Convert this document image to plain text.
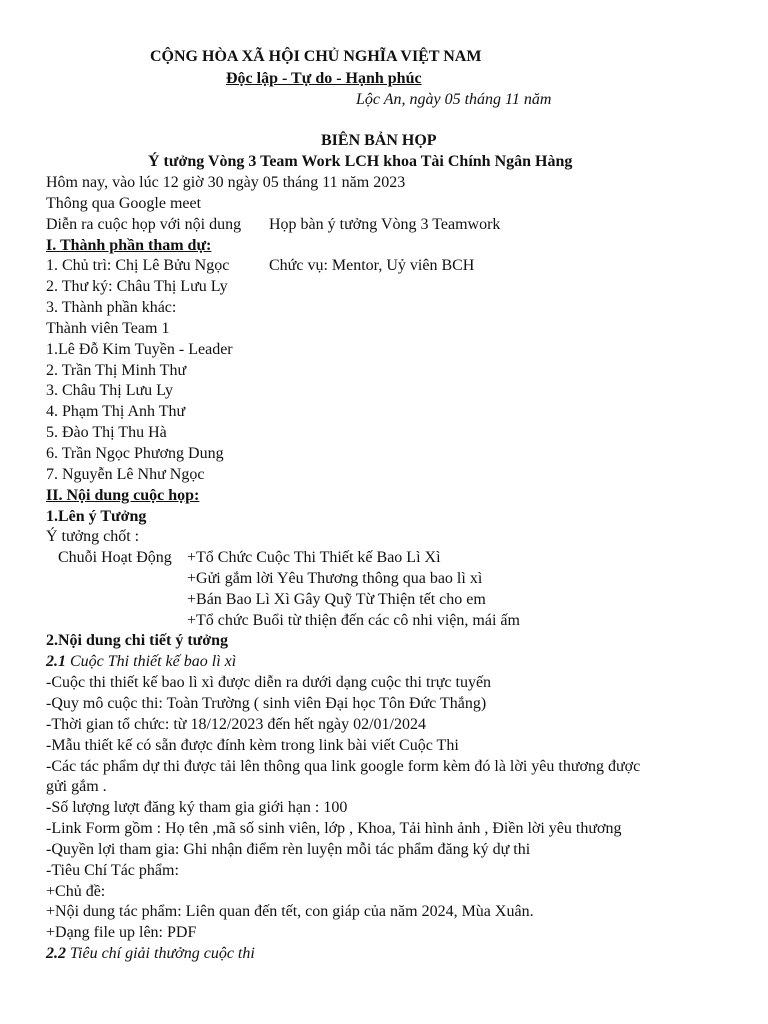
CỘNG HÒA XÃ HỘI CHỦ NGHĨA VIỆT NAM
Độc lập - Tự do - Hạnh phúc
Lộc An, ngày 05 tháng 11 năm
BIÊN BẢN HỌP
Ý tưởng Vòng 3 Team Work LCH khoa Tài Chính Ngân Hàng
Hôm nay, vào lúc 12 giờ 30 ngày 05 tháng 11 năm 2023
Thông qua Google meet
Diễn ra cuộc họp với nội dung Họp bàn ý tưởng Vòng 3 Teamwork
I. Thành phần tham dự:
1. Chủ trì: Chị Lê Bửu Ngọc Chức vụ: Mentor, Uỷ viên BCH
2. Thư ký: Châu Thị Lưu Ly
3. Thành phần khác:
Thành viên Team 1
1.Lê Đỗ Kim Tuyền - Leader
2. Trần Thị Minh Thư
3. Châu Thị Lưu Ly
4. Phạm Thị Anh Thư
5. Đào Thị Thu Hà
6. Trần Ngọc Phương Dung
7. Nguyễn Lê Như Ngọc
II. Nội dung cuộc họp:
1.Lên ý Tưởng
Ý tưởng chốt :
Chuỗi Hoạt Động +Tổ Chức Cuộc Thi Thiết kế Bao Lì Xì
+Gửi gắm lời Yêu Thương thông qua bao lì xì
+Bán Bao Lì Xì Gây Quỹ Từ Thiện tết cho em
+Tổ chức Buổi từ thiện đến các cô nhi viện, mái ấm
2.Nội dung chi tiết ý tưởng
2.1 Cuộc Thi thiết kế bao lì xì
-Cuộc thi thiết kế bao lì xì được diễn ra dưới dạng cuộc thi trực tuyến
-Quy mô cuộc thi: Toàn Trường ( sinh viên Đại học Tôn Đức Thắng)
-Thời gian tổ chức: từ 18/12/2023 đến hết ngày 02/01/2024
-Mẫu thiết kế có sẵn được đính kèm trong link bài viết Cuộc Thi
-Các tác phẩm dự thi được tải lên thông qua link google form kèm đó là lời yêu thương được
gửi gắm .
-Số lượng lượt đăng ký tham gia giới hạn : 100
-Link Form gồm : Họ tên ,mã số sinh viên, lớp , Khoa, Tải hình ảnh , Điền lời yêu thương
-Quyền lợi tham gia: Ghi nhận điểm rèn luyện mỗi tác phẩm đăng ký dự thi
-Tiêu Chí Tác phẩm:
+Chủ đề:
+Nội dung tác phẩm: Liên quan đến tết, con giáp của năm 2024, Mùa Xuân.
+Dạng file up lên: PDF
2.2 Tiêu chí giải thưởng cuộc thi
